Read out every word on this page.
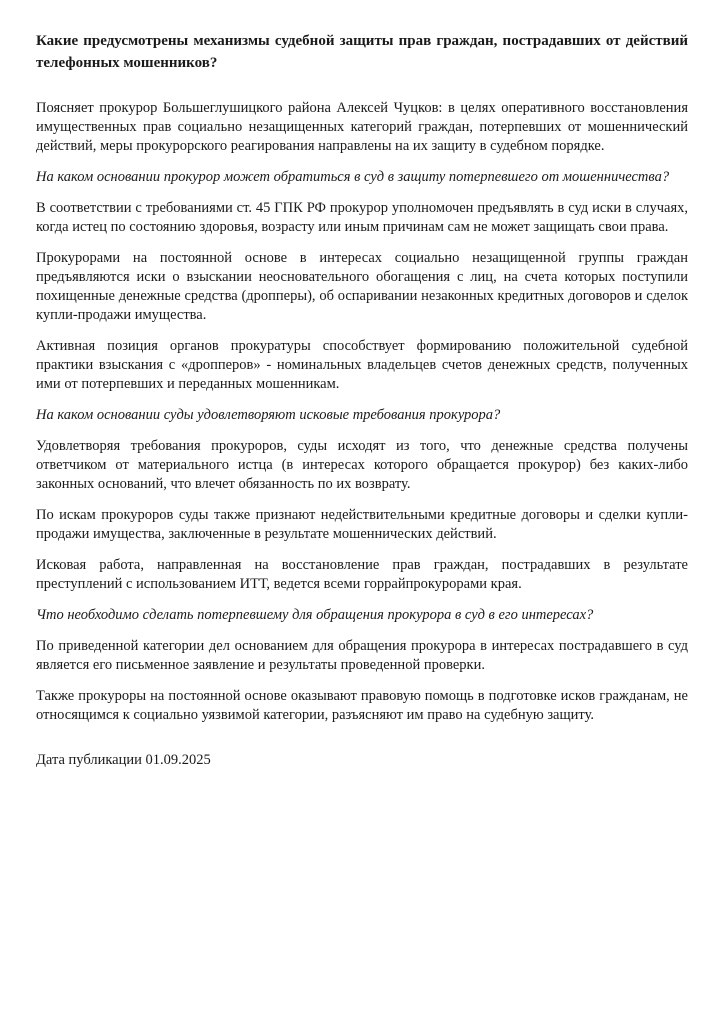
Какие предусмотрены механизмы судебной защиты прав граждан, пострадавших от действий телефонных мошенников?

Поясняет прокурор Большеглушицкого района Алексей Чуцков: в целях оперативного восстановления имущественных прав социально незащищенных категорий граждан, потерпевших от мошеннический действий, меры прокурорского реагирования направлены на их защиту в судебном порядке.

На каком основании прокурор может обратиться в суд в защиту потерпевшего от мошенничества?

В соответствии с требованиями ст. 45 ГПК РФ прокурор уполномочен предъявлять в суд иски в случаях, когда истец по состоянию здоровья, возрасту или иным причинам сам не может защищать свои права.

Прокурорами на постоянной основе в интересах социально незащищенной группы граждан предъявляются иски о взыскании неосновательного обогащения с лиц, на счета которых поступили похищенные денежные средства (дропперы), об оспаривании незаконных кредитных договоров и сделок купли-продажи имущества.

Активная позиция органов прокуратуры способствует формированию положительной судебной практики взыскания с «дропперов» - номинальных владельцев счетов денежных средств, полученных ими от потерпевших и переданных мошенникам.

На каком основании суды удовлетворяют исковые требования прокурора?

Удовлетворяя требования прокуроров, суды исходят из того, что денежные средства получены ответчиком от материального истца (в интересах которого обращается прокурор) без каких-либо законных оснований, что влечет обязанность по их возврату.

По искам прокуроров суды также признают недействительными кредитные договоры и сделки купли-продажи имущества, заключенные в результате мошеннических действий.

Исковая работа, направленная на восстановление прав граждан, пострадавших в результате преступлений с использованием ИТТ, ведется всеми горрайпрокурорами края.

Что необходимо сделать потерпевшему для обращения прокурора в суд в его интересах?

По приведенной категории дел основанием для обращения прокурора в интересах пострадавшего в суд является его письменное заявление и результаты проведенной проверки.

Также прокуроры на постоянной основе оказывают правовую помощь в подготовке исков гражданам, не относящимся к социально уязвимой категории, разъясняют им право на судебную защиту.

Дата публикации 01.09.2025
